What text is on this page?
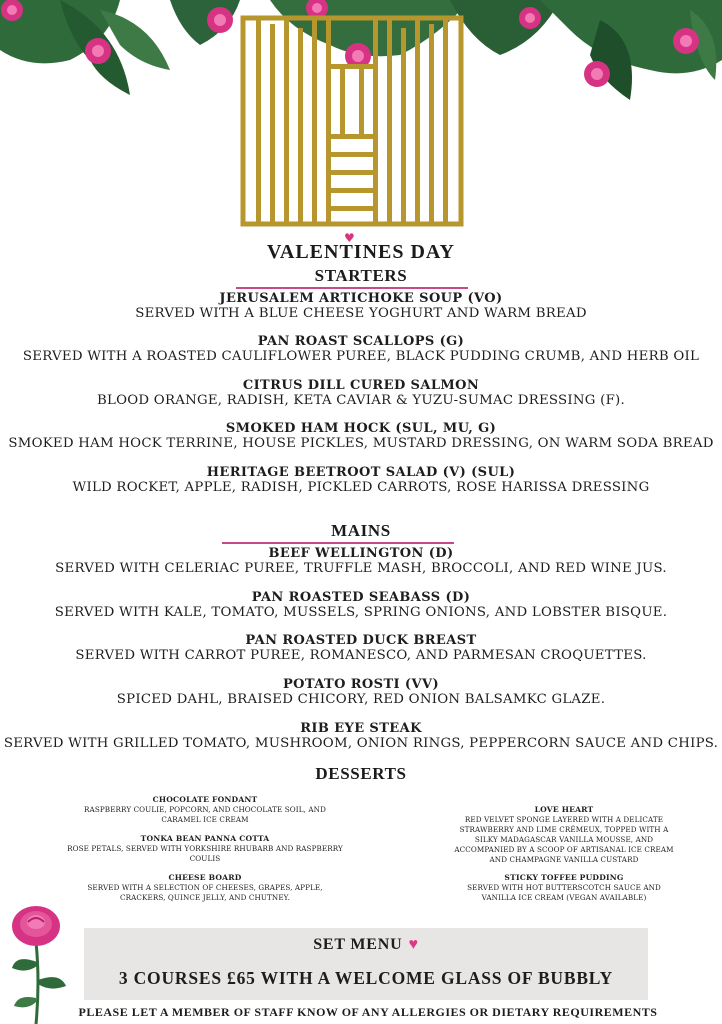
♥
VALENTINES DAY
STARTERS
JERUSALEM ARTICHOKE SOUP (VO)
SERVED WITH A BLUE CHEESE YOGHURT AND WARM BREAD
PAN ROAST SCALLOPS (G)
SERVED WITH A ROASTED CAULIFLOWER PUREE, BLACK PUDDING CRUMB, AND HERB OIL
CITRUS DILL CURED SALMON
BLOOD ORANGE, RADISH, KETA CAVIAR & YUZU-SUMAC DRESSING (F).
SMOKED HAM HOCK (SUL, MU, G)
SMOKED HAM HOCK TERRINE, HOUSE PICKLES, MUSTARD DRESSING, ON WARM SODA BREAD
HERITAGE BEETROOT SALAD (V) (SUL)
WILD ROCKET, APPLE, RADISH, PICKLED CARROTS, ROSE HARISSA DRESSING
MAINS
BEEF WELLINGTON (D)
SERVED WITH CELERIAC PUREE, TRUFFLE MASH, BROCCOLI, AND RED WINE JUS.
PAN ROASTED SEABASS (D)
SERVED WITH KALE, TOMATO, MUSSELS, SPRING ONIONS, AND LOBSTER BISQUE.
PAN ROASTED DUCK BREAST
SERVED WITH CARROT PUREE, ROMANESCO, AND PARMESAN CROQUETTES.
POTATO ROSTI (VV)
SPICED DAHL, BRAISED CHICORY, RED ONION BALSAMKC GLAZE.
RIB EYE STEAK
SERVED WITH GRILLED TOMATO, MUSHROOM, ONION RINGS, PEPPERCORN SAUCE AND CHIPS.
DESSERTS
CHOCOLATE FONDANT
RASPBERRY COULIE, POPCORN, AND CHOCOLATE SOIL, AND
CARAMEL ICE CREAM
TONKA BEAN PANNA COTTA
ROSE PETALS, SERVED WITH YORKSHIRE RHUBARB AND RASPBERRY
COULIS
CHEESE BOARD
SERVED WITH A SELECTION OF CHEESES, GRAPES, APPLE,
CRACKERS, QUINCE JELLY, AND CHUTNEY.
LOVE HEART
RED VELVET SPONGE LAYERED WITH A DELICATE
STRAWBERRY AND LIME CRÉMEUX, TOPPED WITH A
SILKY MADAGASCAR VANILLA MOUSSE, AND
ACCOMPANIED BY A SCOOP OF ARTISANAL ICE CREAM
AND CHAMPAGNE VANILLA CUSTARD
STICKY TOFFEE PUDDING
SERVED WITH HOT BUTTERSCOTCH SAUCE AND
VANILLA ICE CREAM (VEGAN AVAILABLE)
SET MENU ♥
3 COURSES £65 WITH A WELCOME GLASS OF BUBBLY
PLEASE LET A MEMBER OF STAFF KNOW OF ANY ALLERGIES OR DIETARY REQUIREMENTS
